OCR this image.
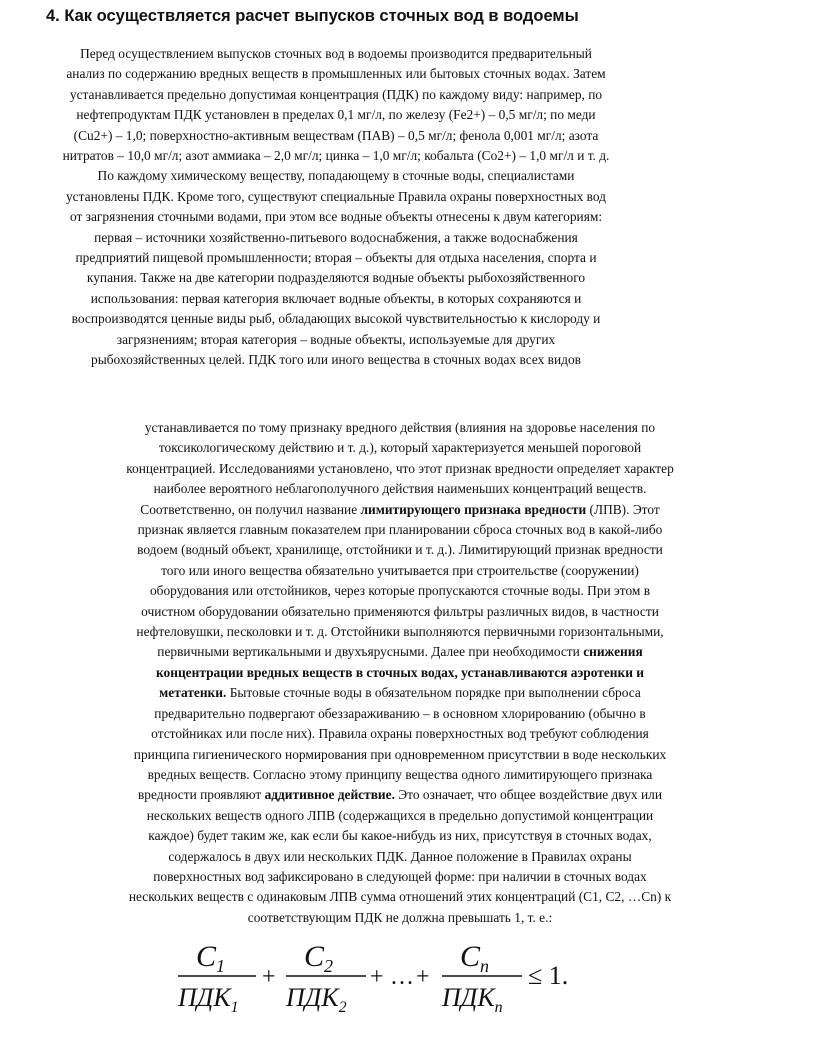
4. Как осуществляется расчет выпусков сточных вод в водоемы
Перед осуществлением выпусков сточных вод в водоемы производится предварительный
анализ по содержанию вредных веществ в промышленных или бытовых сточных водах. Затем
устанавливается предельно допустимая концентрация (ПДК) по каждому виду: например, по
нефтепродуктам ПДК установлен в пределах 0,1 мг/л, по железу (Fe2+) – 0,5 мг/л; по меди
(Cu2+) – 1,0; поверхностно-активным веществам (ПАВ) – 0,5 мг/л; фенола 0,001 мг/л; азота
нитратов – 10,0 мг/л; азот аммиака – 2,0 мг/л; цинка – 1,0 мг/л; кобальта (Co2+) – 1,0 мг/л и т. д.
По каждому химическому веществу, попадающему в сточные воды, специалистами
установлены ПДК. Кроме того, существуют специальные Правила охраны поверхностных вод
от загрязнения сточными водами, при этом все водные объекты отнесены к двум категориям:
первая – источники хозяйственно-питьевого водоснабжения, а также водоснабжения
предприятий пищевой промышленности; вторая – объекты для отдыха населения, спорта и
купания. Также на две категории подразделяются водные объекты рыбохозяйственного
использования: первая категория включает водные объекты, в которых сохраняются и
воспроизводятся ценные виды рыб, обладающих высокой чувствительностью к кислороду и
загрязнениям; вторая категория – водные объекты, используемые для других
рыбохозяйственных целей. ПДК того или иного вещества в сточных водах всех видов
устанавливается по тому признаку вредного действия (влияния на здоровье населения по
токсикологическому действию и т. д.), который характеризуется меньшей пороговой
концентрацией. Исследованиями установлено, что этот признак вредности определяет характер
наиболее вероятного неблагополучного действия наименьших концентраций веществ.
Соответственно, он получил название лимитирующего признака вредности (ЛПВ). Этот
признак является главным показателем при планировании сброса сточных вод в какой-либо
водоем (водный объект, хранилище, отстойники и т. д.). Лимитирующий признак вредности
того или иного вещества обязательно учитывается при строительстве (сооружении)
оборудования или отстойников, через которые пропускаются сточные воды. При этом в
очистном оборудовании обязательно применяются фильтры различных видов, в частности
нефтеловушки, песколовки и т. д. Отстойники выполняются первичными горизонтальными,
первичными вертикальными и двухъярусными. Далее при необходимости снижения
концентрации вредных веществ в сточных водах, устанавливаются аэротенки и
метатенки. Бытовые сточные воды в обязательном порядке при выполнении сброса
предварительно подвергают обеззараживанию – в основном хлорированию (обычно в
отстойниках или после них). Правила охраны поверхностных вод требуют соблюдения
принципа гигиенического нормирования при одновременном присутствии в воде нескольких
вредных веществ. Согласно этому принципу вещества одного лимитирующего признака
вредности проявляют аддитивное действие. Это означает, что общее воздействие двух или
нескольких веществ одного ЛПВ (содержащихся в предельно допустимой концентрации
каждое) будет таким же, как если бы какое-нибудь из них, присутствуя в сточных водах,
содержалось в двух или нескольких ПДК. Данное положение в Правилах охраны
поверхностных вод зафиксировано в следующей форме: при наличии в сточных водах
нескольких веществ с одинаковым ЛПВ сумма отношений этих концентраций (C1, C2, …Cn) к
соответствующим ПДК не должна превышать 1, т. е.:
$C_1$
$ПДК_1$
+
$C_2$
$ПДК_2$
+ … +
$C_n$
$ПДК_n$
≤ 1.
